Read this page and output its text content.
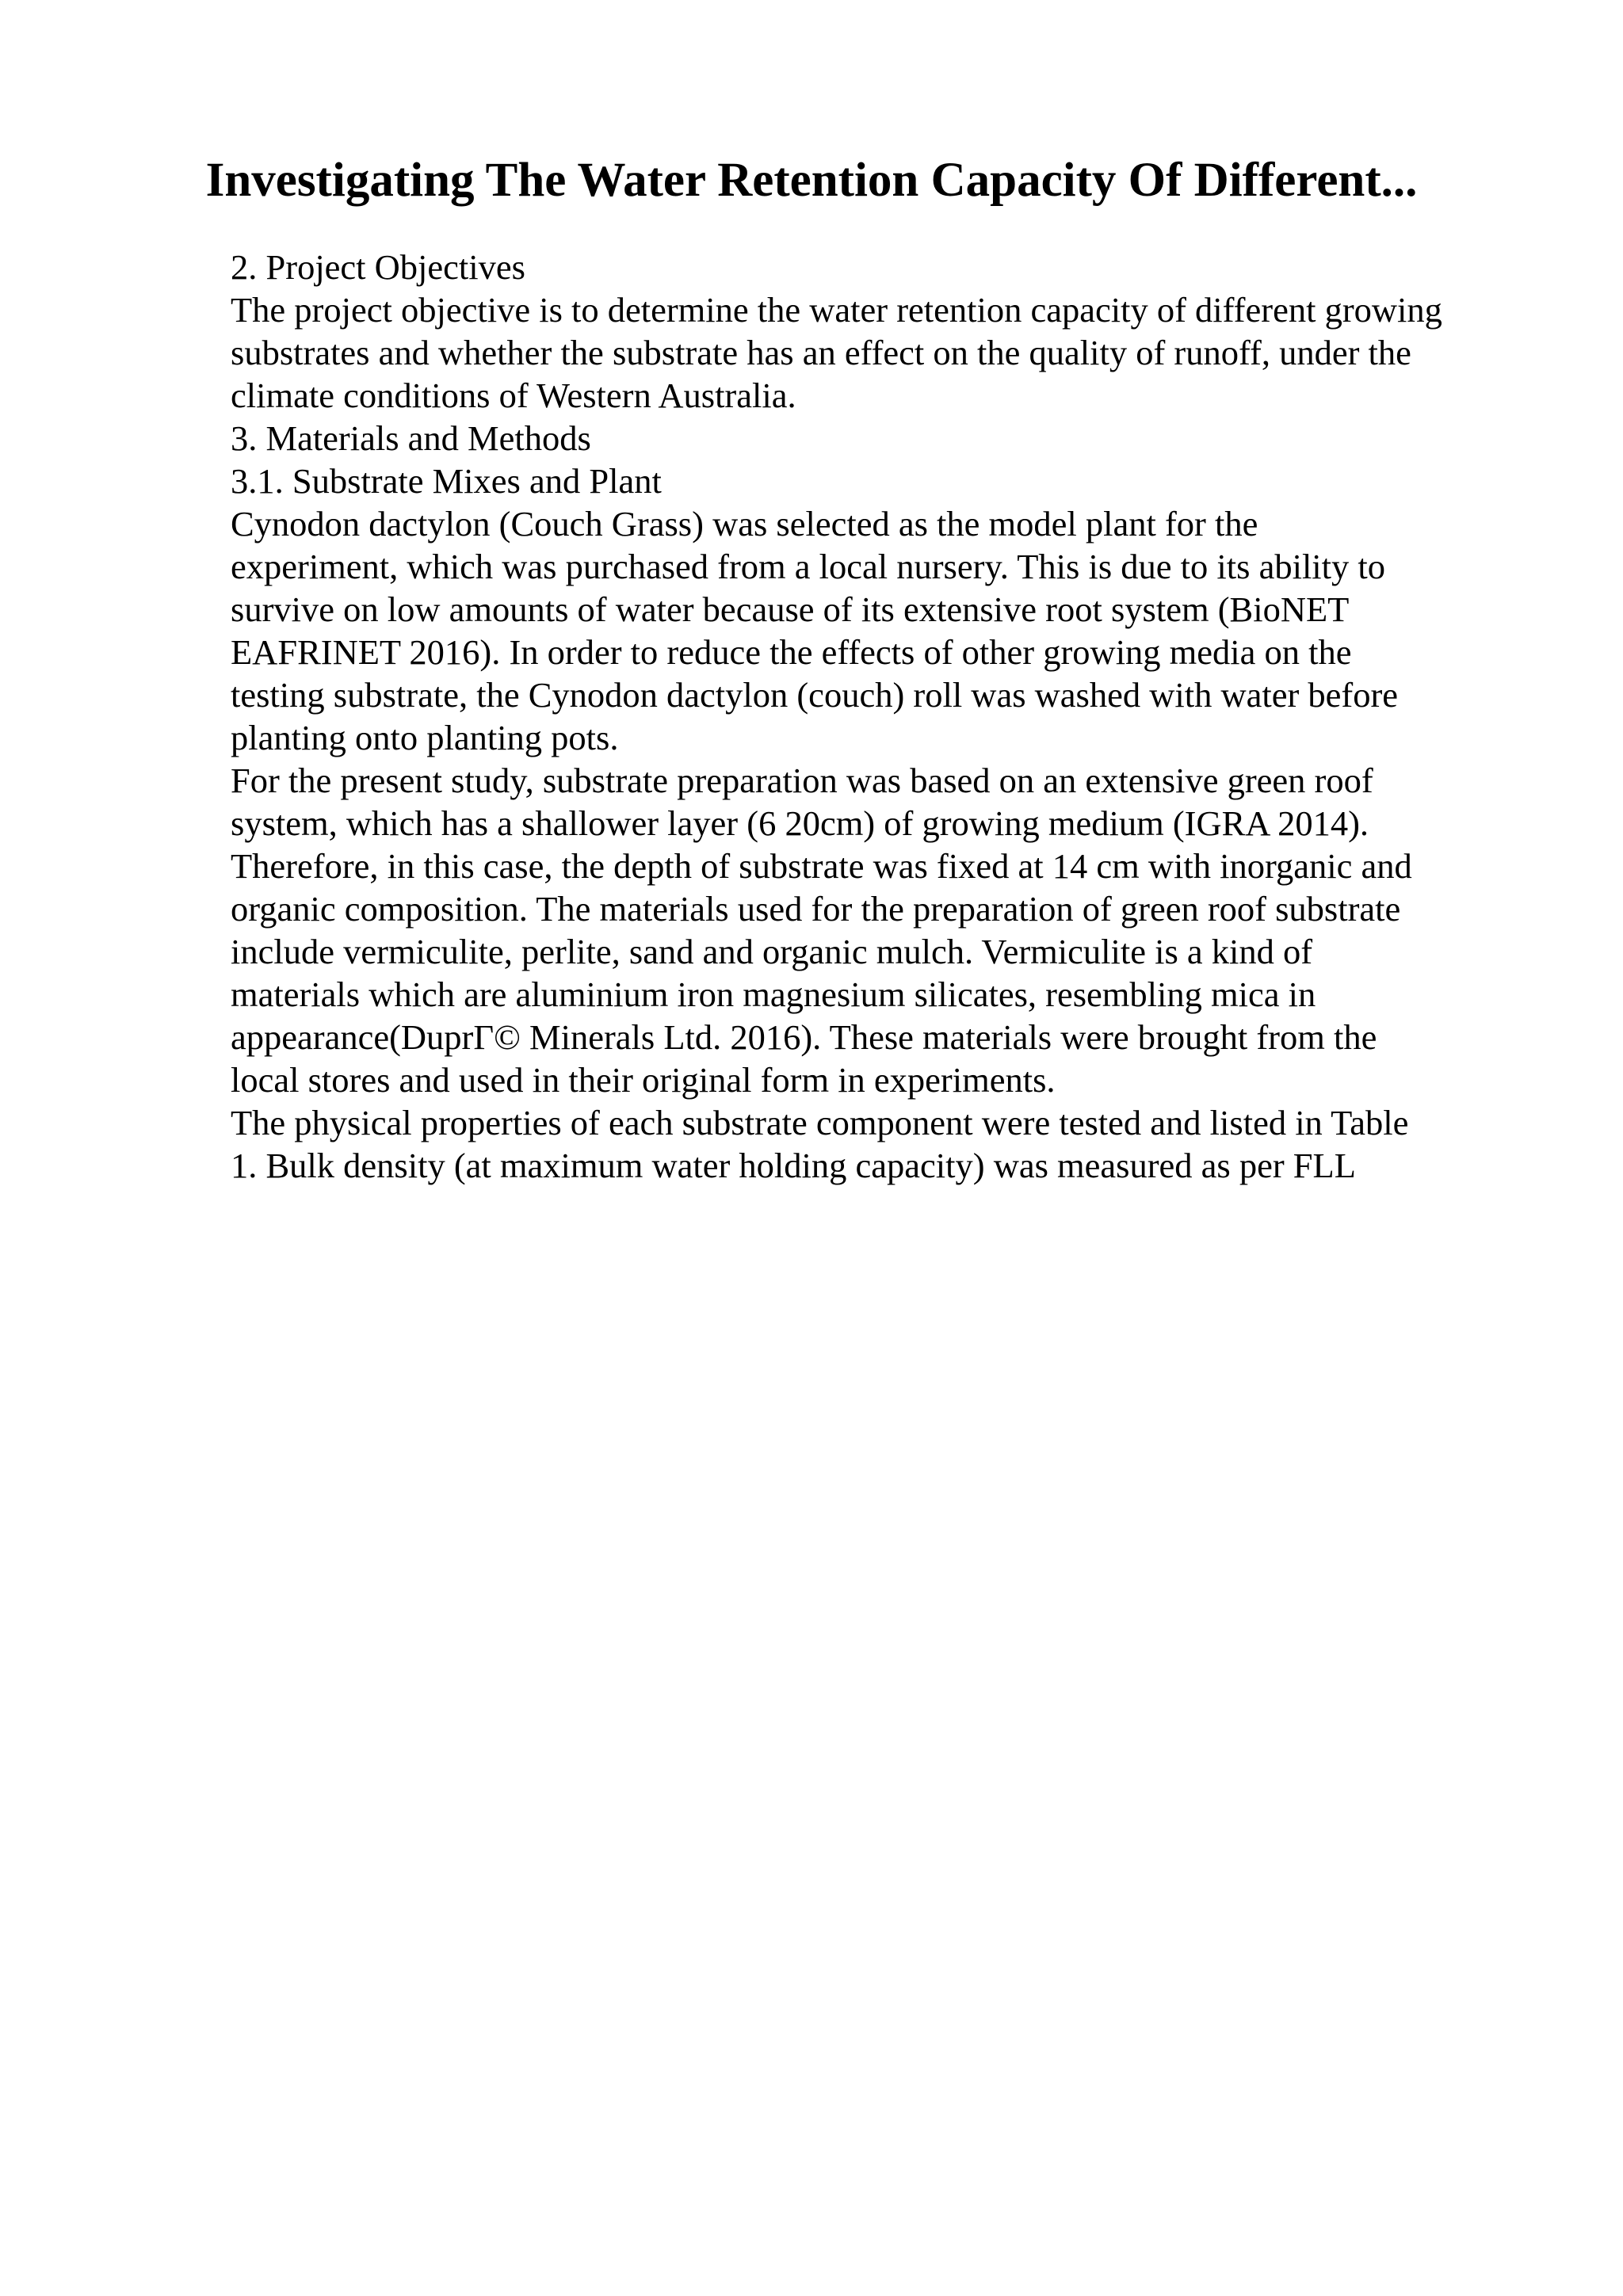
Investigating The Water Retention Capacity Of Different...
2. Project Objectives
The project objective is to determine the water retention capacity of different growing
substrates and whether the substrate has an effect on the quality of runoff, under the
climate conditions of Western Australia.
3. Materials and Methods
3.1. Substrate Mixes and Plant
Cynodon dactylon (Couch Grass) was selected as the model plant for the
experiment, which was purchased from a local nursery. This is due to its ability to
survive on low amounts of water because of its extensive root system (BioNET
EAFRINET 2016). In order to reduce the effects of other growing media on the
testing substrate, the Cynodon dactylon (couch) roll was washed with water before
planting onto planting pots.
For the present study, substrate preparation was based on an extensive green roof
system, which has a shallower layer (6 20cm) of growing medium (IGRA 2014).
Therefore, in this case, the depth of substrate was fixed at 14 cm with inorganic and
organic composition. The materials used for the preparation of green roof substrate
include vermiculite, perlite, sand and organic mulch. Vermiculite is a kind of
materials which are aluminium iron magnesium silicates, resembling mica in
appearance(DuprΓ© Minerals Ltd. 2016). These materials were brought from the
local stores and used in their original form in experiments.
The physical properties of each substrate component were tested and listed in Table
1. Bulk density (at maximum water holding capacity) was measured as per FLL
